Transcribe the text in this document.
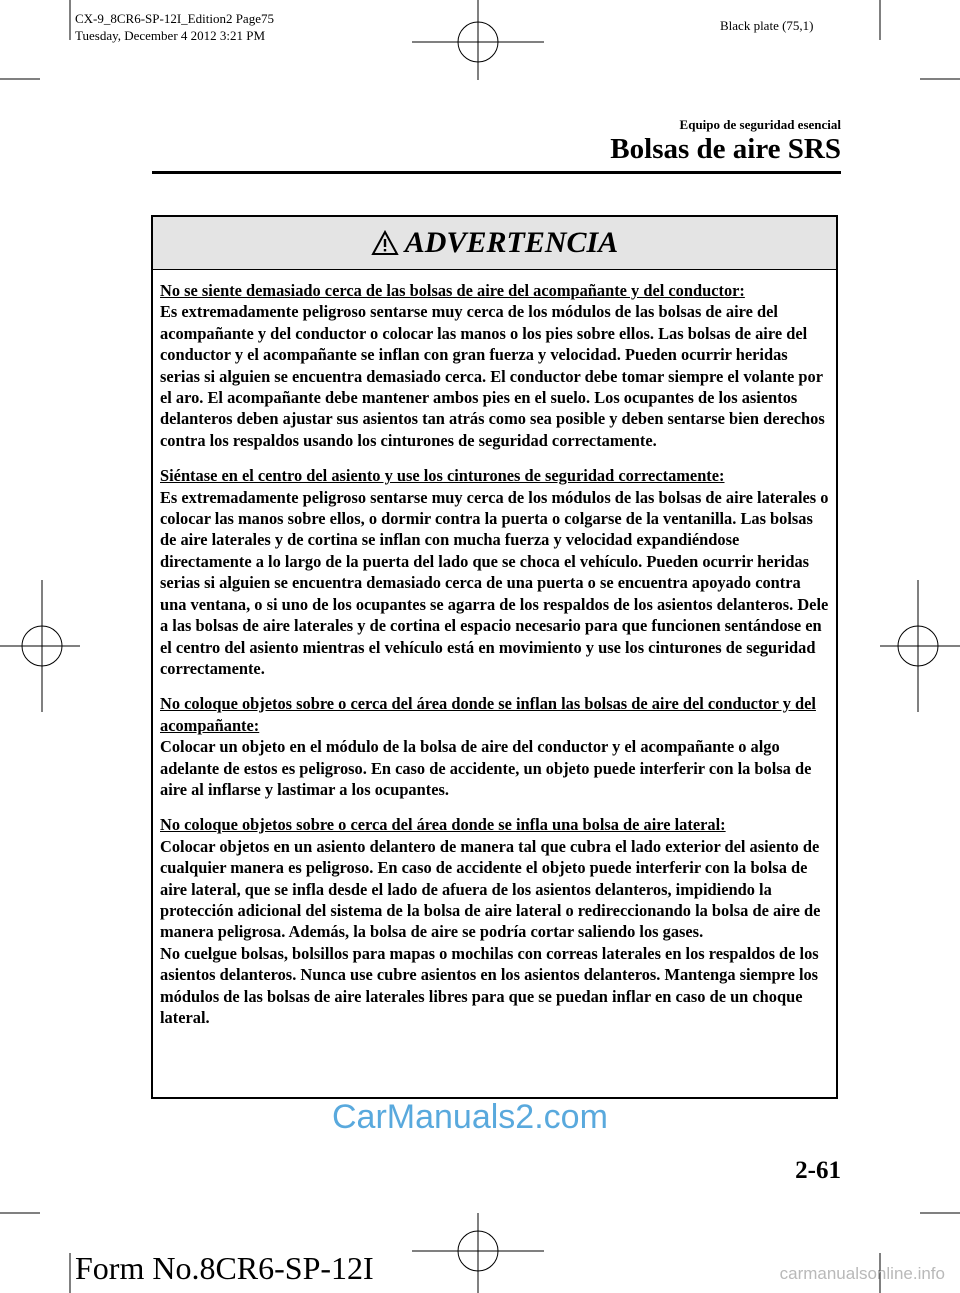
CX-9_8CR6-SP-12I_Edition2 Page75
Tuesday, December 4 2012 3:21 PM
Black plate (75,1)
Equipo de seguridad esencial
Bolsas de aire SRS
ADVERTENCIA

No se siente demasiado cerca de las bolsas de aire del acompañante y del conductor:
Es extremadamente peligroso sentarse muy cerca de los módulos de las bolsas de aire del acompañante y del conductor o colocar las manos o los pies sobre ellos. Las bolsas de aire del conductor y el acompañante se inflan con gran fuerza y velocidad. Pueden ocurrir heridas serias si alguien se encuentra demasiado cerca. El conductor debe tomar siempre el volante por el aro. El acompañante debe mantener ambos pies en el suelo. Los ocupantes de los asientos delanteros deben ajustar sus asientos tan atrás como sea posible y deben sentarse bien derechos contra los respaldos usando los cinturones de seguridad correctamente.

Siéntase en el centro del asiento y use los cinturones de seguridad correctamente:
Es extremadamente peligroso sentarse muy cerca de los módulos de las bolsas de aire laterales o colocar las manos sobre ellos, o dormir contra la puerta o colgarse de la ventanilla. Las bolsas de aire laterales y de cortina se inflan con mucha fuerza y velocidad expandiéndose directamente a lo largo de la puerta del lado que se choca el vehículo. Pueden ocurrir heridas serias si alguien se encuentra demasiado cerca de una puerta o se encuentra apoyado contra una ventana, o si uno de los ocupantes se agarra de los respaldos de los asientos delanteros. Dele a las bolsas de aire laterales y de cortina el espacio necesario para que funcionen sentándose en el centro del asiento mientras el vehículo está en movimiento y use los cinturones de seguridad correctamente.

No coloque objetos sobre o cerca del área donde se inflan las bolsas de aire del conductor y del acompañante:
Colocar un objeto en el módulo de la bolsa de aire del conductor y el acompañante o algo adelante de estos es peligroso. En caso de accidente, un objeto puede interferir con la bolsa de aire al inflarse y lastimar a los ocupantes.

No coloque objetos sobre o cerca del área donde se infla una bolsa de aire lateral:
Colocar objetos en un asiento delantero de manera tal que cubra el lado exterior del asiento de cualquier manera es peligroso. En caso de accidente el objeto puede interferir con la bolsa de aire lateral, que se infla desde el lado de afuera de los asientos delanteros, impidiendo la protección adicional del sistema de la bolsa de aire lateral o redireccionando la bolsa de aire de manera peligrosa. Además, la bolsa de aire se podría cortar saliendo los gases.
No cuelgue bolsas, bolsillos para mapas o mochilas con correas laterales en los respaldos de los asientos delanteros. Nunca use cubre asientos en los asientos delanteros. Mantenga siempre los módulos de las bolsas de aire laterales libres para que se puedan inflar en caso de un choque lateral.

CarManuals2.com
2-61
Form No.8CR6-SP-12I	carmanualsonline.info
